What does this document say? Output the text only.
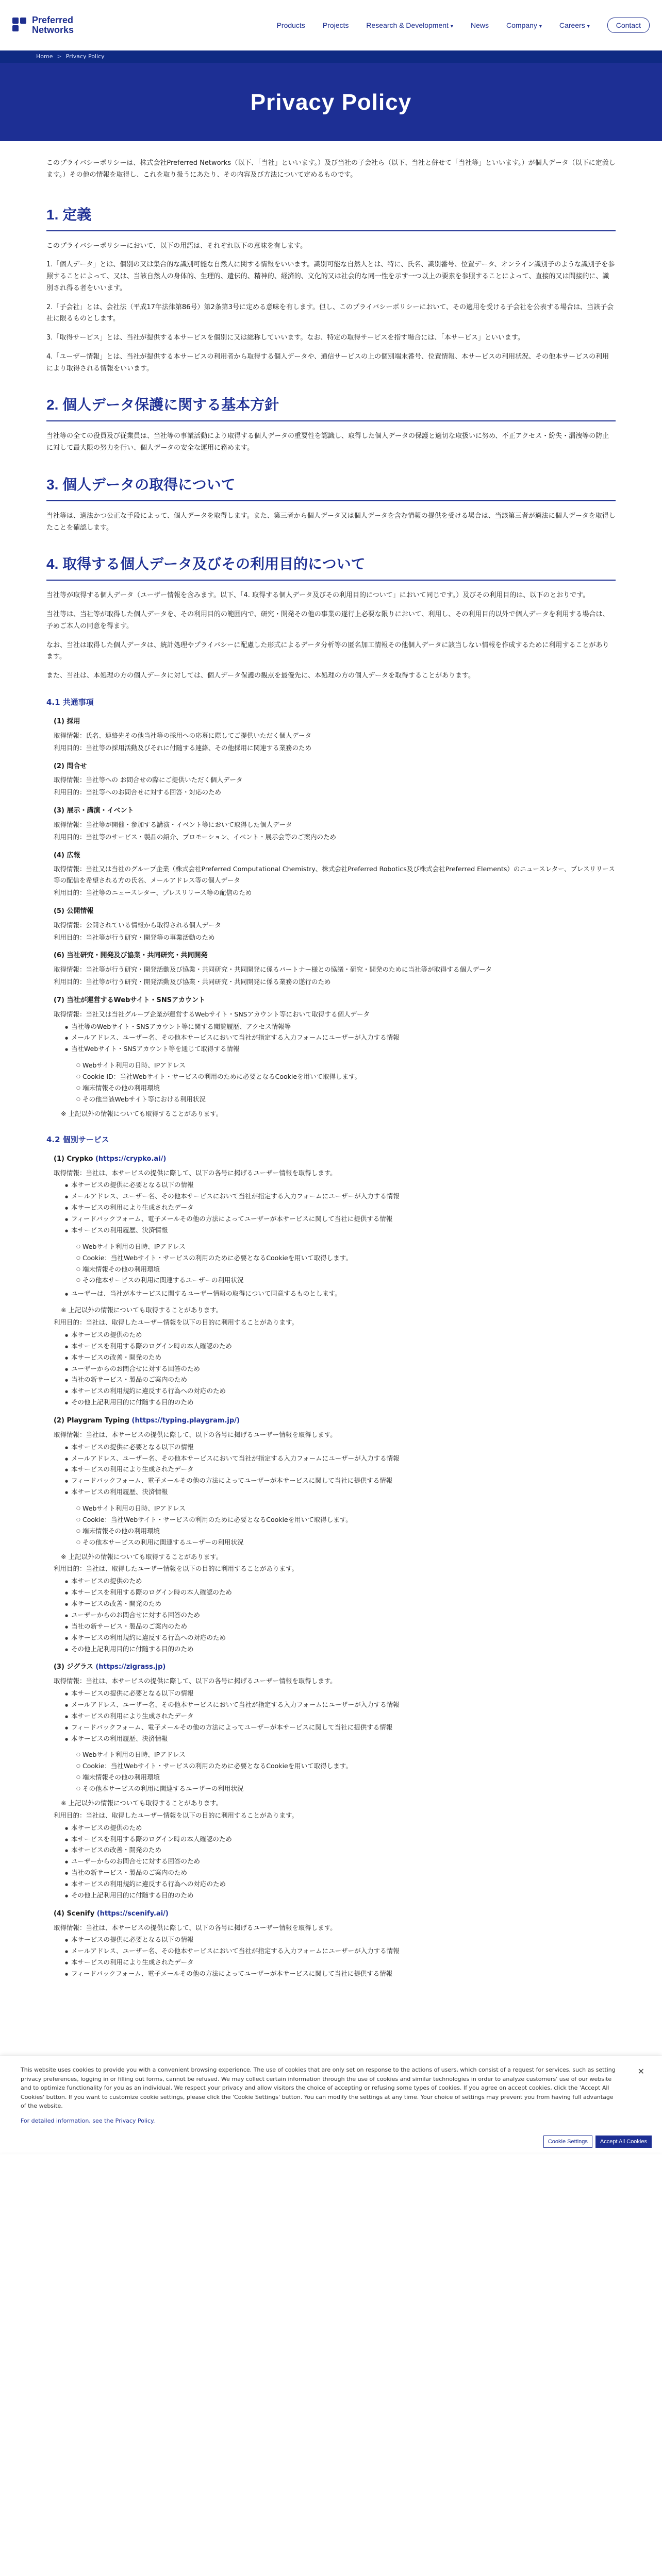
Preferred
Networks	Products Projects Research & Development ▾ News Company ▾ Careers ▾	Contact
Home > Privacy Policy
Privacy Policy

このプライバシーポリシーは、株式会社Preferred Networks（以下、「当社」といいます。）及び当社の子会社ら（以下、当社と併せて「当社等」といいます。）が個人データ（以下に定義します。）その他の情報を取得し、これを取り扱うにあたり、その内容及び方法について定めるものです。

1. 定義

このプライバシーポリシーにおいて、以下の用語は、それぞれ以下の意味を有します。

1.「個人データ」とは、個別の又は集合的な識別可能な自然人に関する情報をいいます。識別可能な自然人とは、特に、氏名、識別番号、位置データ、オンライン識別子のような識別子を参照することによって、又は、当該自然人の身体的、生理的、遺伝的、精神的、経済的、文化的又は社会的な同一性を示す一つ以上の要素を参照することによって、直接的又は間接的に、識別され得る者をいいます。

2.「子会社」とは、会社法（平成17年法律第86号）第2条第3号に定める意味を有します。但し、このプライバシーポリシーにおいて、その適用を受ける子会社を公表する場合は、当該子会社に限るものとします。

3.「取得サービス」とは、当社が提供する本サービスを個別に又は総称していいます。なお、特定の取得サービスを指す場合には、「本サービス」といいます。

4.「ユーザー情報」とは、当社が提供する本サービスの利用者から取得する個人データや、通信サービスの上の個別端末番号、位置情報、本サービスの利用状況、その他本サービスの利用により取得される情報をいいます。

2. 個人データ保護に関する基本方針

当社等の全ての役員及び従業員は、当社等の事業活動により取得する個人データの重要性を認識し、取得した個人データの保護と適切な取扱いに努め、不正アクセス・紛失・漏洩等の防止に対して最大限の努力を行い、個人データの安全な運用に務めます。

3. 個人データの取得について

当社等は、適法かつ公正な手段によって、個人データを取得します。また、第三者から個人データ又は個人データを含む情報の提供を受ける場合は、当該第三者が適法に個人データを取得したことを確認します。

4. 取得する個人データ及びその利用目的について

当社等が取得する個人データ（ユーザー情報を含みます。以下、「4. 取得する個人データ及びその利用目的について」において同じです。）及びその利用目的は、以下のとおりです。

当社等は、当社等が取得した個人データを、その利用目的の範囲内で、研究・開発その他の事業の遂行上必要な限りにおいて、利用し、その利用目的以外で個人データを利用する場合は、予めご本人の同意を得ます。

なお、当社は取得した個人データは、統計処理やプライバシーに配慮した形式によるデータ分析等の匿名加工情報その他個人データに該当しない情報を作成するために利用することがあります。

また、当社は、本処理の方の個人データに対しては、個人データ保護の観点を最優先に、本処理の方の個人データを取得することがあります。

4.1 共通事項
(1) 採用

取得情報：氏名、連絡先その他当社等の採用への応募に際してご提供いただく個人データ

利用目的：当社等の採用活動及びそれに付随する連絡、その他採用に関連する業務のため

(2) 問合せ

取得情報：当社等への お問合せの際にご提供いただく個人データ

利用目的：当社等へのお問合せに対する回答・対応のため

(3) 展示・講演・イベント

取得情報：当社等が開催・参加する講演・イベント等において取得した個人データ

利用目的：当社等のサービス・製品の紹介、プロモーション、イベント・展示会等のご案内のため

(4) 広報

取得情報：当社又は当社のグループ企業（株式会社Preferred Computational Chemistry、株式会社Preferred Robotics及び株式会社Preferred Elements）のニュースレター、プレスリリース等の配信を希望される方の氏名、メールアドレス等の個人データ

利用目的：当社等のニュースレター、プレスリリース等の配信のため

(5) 公開情報

取得情報：公開されている情報から取得される個人データ

利用目的：当社等が行う研究・開発等の事業活動のため

(6) 当社研究・開発及び協業・共同研究・共同開発

取得情報：当社等が行う研究・開発活動及び協業・共同研究・共同開発に係るパートナー様との協議・研究・開発のために当社等が取得する個人データ

利用目的：当社等が行う研究・開発活動及び協業・共同研究・共同開発に係る業務の遂行のため

(7) 当社が運営するWebサイト・SNSアカウント

取得情報：当社又は当社グループ企業が運営するWebサイト・SNSアカウント等において取得する個人データ

● 当社等のWebサイト・SNSアカウント等に関する閲覧履歴、アクセス情報等
● メールアドレス、ユーザー名、その他本サービスにおいて当社が指定する入力フォームにユーザーが入力する情報
● 当社Webサイト・SNSアカウント等を通じて取得する情報
○ Webサイト利用の日時、IPアドレス
○ Cookie ID：当社Webサイト・サービスの利用のために必要となるCookieを用いて取得します。
○ 端末情報その他の利用環境
○ その他当該Webサイト等における利用状況

※ 上記以外の情報についても取得することがあります。

4.2 個別サービス
(1) Crypko (https://crypko.ai/)

取得情報：当社は、本サービスの提供に際して、以下の各号に掲げるユーザー情報を取得します。

● 本サービスの提供に必要となる以下の情報
● メールアドレス、ユーザー名、その他本サービスにおいて当社が指定する入力フォームにユーザーが入力する情報
● 本サービスの利用により生成されたデータ
● フィードバックフォーム、電子メールその他の方法によってユーザーが本サービスに関して当社に提供する情報
● 本サービスの利用履歴、決済情報
○ Webサイト利用の日時、IPアドレス
○ Cookie：当社Webサイト・サービスの利用のために必要となるCookieを用いて取得します。
○ 端末情報その他の利用環境
○ その他本サービスの利用に関連するユーザーの利用状況
● ユーザーは、当社が本サービスに関するユーザー情報の取得について同意するものとします。

※ 上記以外の情報についても取得することがあります。

利用目的：当社は、取得したユーザー情報を以下の目的に利用することがあります。

● 本サービスの提供のため
● 本サービスを利用する際のログイン時の本人確認のため
● 本サービスの改善・開発のため
● ユーザーからのお問合せに対する回答のため
● 当社の新サービス・製品のご案内のため
● 本サービスの利用規約に違反する行為への対応のため
● その他上記利用目的に付随する目的のため
(2) Playgram Typing (https://typing.playgram.jp/)

取得情報：当社は、本サービスの提供に際して、以下の各号に掲げるユーザー情報を取得します。

● 本サービスの提供に必要となる以下の情報
● メールアドレス、ユーザー名、その他本サービスにおいて当社が指定する入力フォームにユーザーが入力する情報
● 本サービスの利用により生成されたデータ
● フィードバックフォーム、電子メールその他の方法によってユーザーが本サービスに関して当社に提供する情報
● 本サービスの利用履歴、決済情報
○ Webサイト利用の日時、IPアドレス
○ Cookie：当社Webサイト・サービスの利用のために必要となるCookieを用いて取得します。
○ 端末情報その他の利用環境
○ その他本サービスの利用に関連するユーザーの利用状況

※ 上記以外の情報についても取得することがあります。

利用目的：当社は、取得したユーザー情報を以下の目的に利用することがあります。

● 本サービスの提供のため
● 本サービスを利用する際のログイン時の本人確認のため
● 本サービスの改善・開発のため
● ユーザーからのお問合せに対する回答のため
● 当社の新サービス・製品のご案内のため
● 本サービスの利用規約に違反する行為への対応のため
● その他上記利用目的に付随する目的のため
(3) ジグラス (https://zigrass.jp)

取得情報：当社は、本サービスの提供に際して、以下の各号に掲げるユーザー情報を取得します。

● 本サービスの提供に必要となる以下の情報
● メールアドレス、ユーザー名、その他本サービスにおいて当社が指定する入力フォームにユーザーが入力する情報
● 本サービスの利用により生成されたデータ
● フィードバックフォーム、電子メールその他の方法によってユーザーが本サービスに関して当社に提供する情報
● 本サービスの利用履歴、決済情報
○ Webサイト利用の日時、IPアドレス
○ Cookie：当社Webサイト・サービスの利用のために必要となるCookieを用いて取得します。
○ 端末情報その他の利用環境
○ その他本サービスの利用に関連するユーザーの利用状況

※ 上記以外の情報についても取得することがあります。

利用目的：当社は、取得したユーザー情報を以下の目的に利用することがあります。

● 本サービスの提供のため
● 本サービスを利用する際のログイン時の本人確認のため
● 本サービスの改善・開発のため
● ユーザーからのお問合せに対する回答のため
● 当社の新サービス・製品のご案内のため
● 本サービスの利用規約に違反する行為への対応のため
● その他上記利用目的に付随する目的のため
(4) Scenify (https://scenify.ai/)

取得情報：当社は、本サービスの提供に際して、以下の各号に掲げるユーザー情報を取得します。

● 本サービスの提供に必要となる以下の情報
● メールアドレス、ユーザー名、その他本サービスにおいて当社が指定する入力フォームにユーザーが入力する情報
● 本サービスの利用により生成されたデータ
● フィードバックフォーム、電子メールその他の方法によってユーザーが本サービスに関して当社に提供する情報

This website uses cookies to provide you with a convenient browsing experience. The use of cookies that are only set on response to the actions of users, which consist of a request for services, such as setting privacy preferences, logging in or filling out forms, cannot be refused. We may collect certain information through the use of cookies and similar technologies in order to analyze customers' use of our website and to optimize functionality for you as an individual. We respect your privacy and allow visitors the choice of accepting or refusing some types of cookies. If you agree on accept cookies, click the 'Accept All Cookies' button. If you want to customize cookie settings, please click the 'Cookie Settings' button. You can modify the settings at any time. Your choice of settings may prevent you from having full advantage of the website.

For detailed information, see the Privacy Policy.
✕
Cookie Settings	Accept All Cookies
